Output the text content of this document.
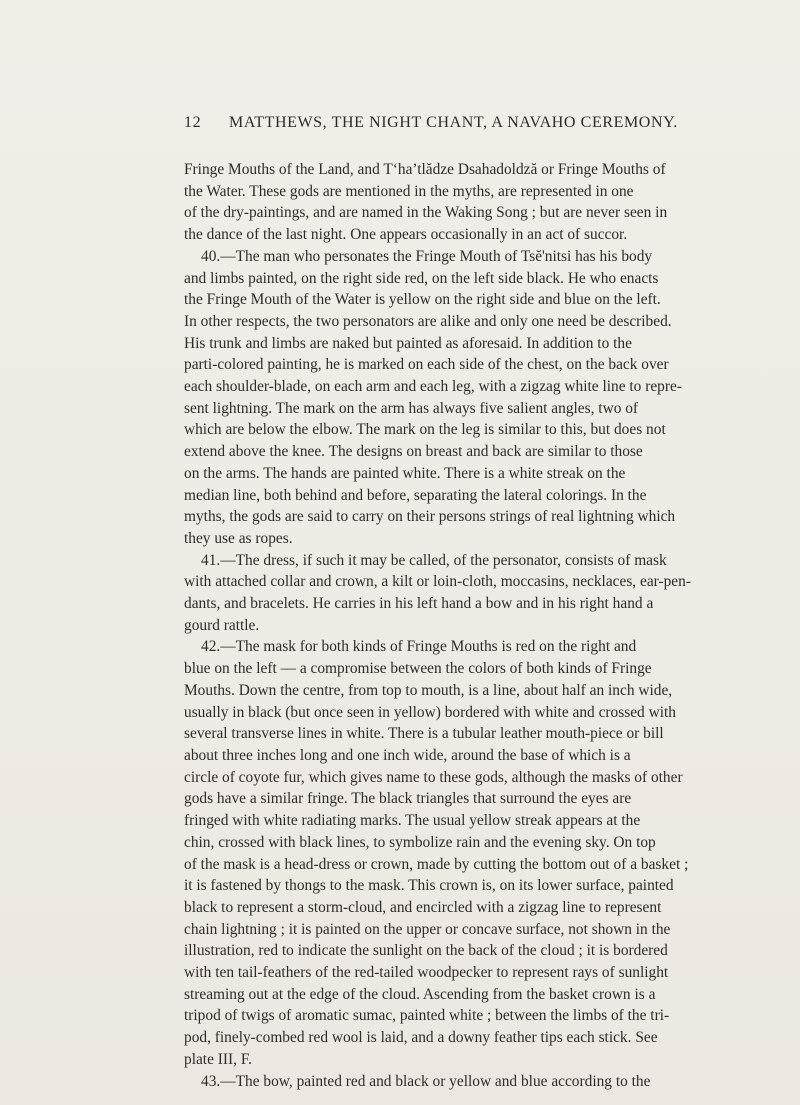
12 MATTHEWS, THE NIGHT CHANT, A NAVAHO CEREMONY.

Fringe Mouths of the Land, and Tʻha’tlădze Dsahadoldză or Fringe Mouths of
the Water. These gods are mentioned in the myths, are represented in one
of the dry-paintings, and are named in the Waking Song ; but are never seen in
the dance of the last night. One appears occasionally in an act of succor.

40.—The man who personates the Fringe Mouth of Tsĕ'nitsi has his body
and limbs painted, on the right side red, on the left side black. He who enacts
the Fringe Mouth of the Water is yellow on the right side and blue on the left.
In other respects, the two personators are alike and only one need be described.
His trunk and limbs are naked but painted as aforesaid. In addition to the
parti-colored painting, he is marked on each side of the chest, on the back over
each shoulder-blade, on each arm and each leg, with a zigzag white line to repre-
sent lightning. The mark on the arm has always five salient angles, two of
which are below the elbow. The mark on the leg is similar to this, but does not
extend above the knee. The designs on breast and back are similar to those
on the arms. The hands are painted white. There is a white streak on the
median line, both behind and before, separating the lateral colorings. In the
myths, the gods are said to carry on their persons strings of real lightning which
they use as ropes.

41.—The dress, if such it may be called, of the personator, consists of mask
with attached collar and crown, a kilt or loin-cloth, moccasins, necklaces, ear-pen-
dants, and bracelets. He carries in his left hand a bow and in his right hand a
gourd rattle.

42.—The mask for both kinds of Fringe Mouths is red on the right and
blue on the left — a compromise between the colors of both kinds of Fringe
Mouths. Down the centre, from top to mouth, is a line, about half an inch wide,
usually in black (but once seen in yellow) bordered with white and crossed with
several transverse lines in white. There is a tubular leather mouth-piece or bill
about three inches long and one inch wide, around the base of which is a
circle of coyote fur, which gives name to these gods, although the masks of other
gods have a similar fringe. The black triangles that surround the eyes are
fringed with white radiating marks. The usual yellow streak appears at the
chin, crossed with black lines, to symbolize rain and the evening sky. On top
of the mask is a head-dress or crown, made by cutting the bottom out of a basket ;
it is fastened by thongs to the mask. This crown is, on its lower surface, painted
black to represent a storm-cloud, and encircled with a zigzag line to represent
chain lightning ; it is painted on the upper or concave surface, not shown in the
illustration, red to indicate the sunlight on the back of the cloud ; it is bordered
with ten tail-feathers of the red-tailed woodpecker to represent rays of sunlight
streaming out at the edge of the cloud. Ascending from the basket crown is a
tripod of twigs of aromatic sumac, painted white ; between the limbs of the tri-
pod, finely-combed red wool is laid, and a downy feather tips each stick. See
plate III, F.

43.—The bow, painted red and black or yellow and blue according to the
